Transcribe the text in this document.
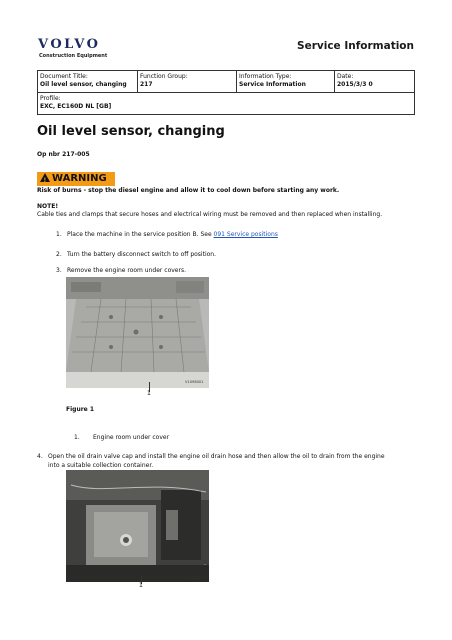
VOLVO
Construction Equipment
Service Information
Document Title:
Oil level sensor, changing

Function Group:
217

Information Type:
Service Information

Date:
2015/3/3 0

Profile:
EXC, EC160D NL [GB]
Oil level sensor, changing
Op nbr 217-005
!WARNING
Risk of burns - stop the diesel engine and allow it to cool down before starting any work.
NOTE!
Cable ties and clamps that secure hoses and electrical wiring must be removed and then replaced when installing.
1. Place the machine in the service position B. See 091 Service positions
2. Turn the battery disconnect switch to off position.
3. Remove the engine room under covers.
1
V1098001
Figure 1
1. Engine room under cover
4. Open the oil drain valve cap and install the engine oil drain hose and then allow the oil to drain from the engine
into a suitable collection container.
1
V1102527
